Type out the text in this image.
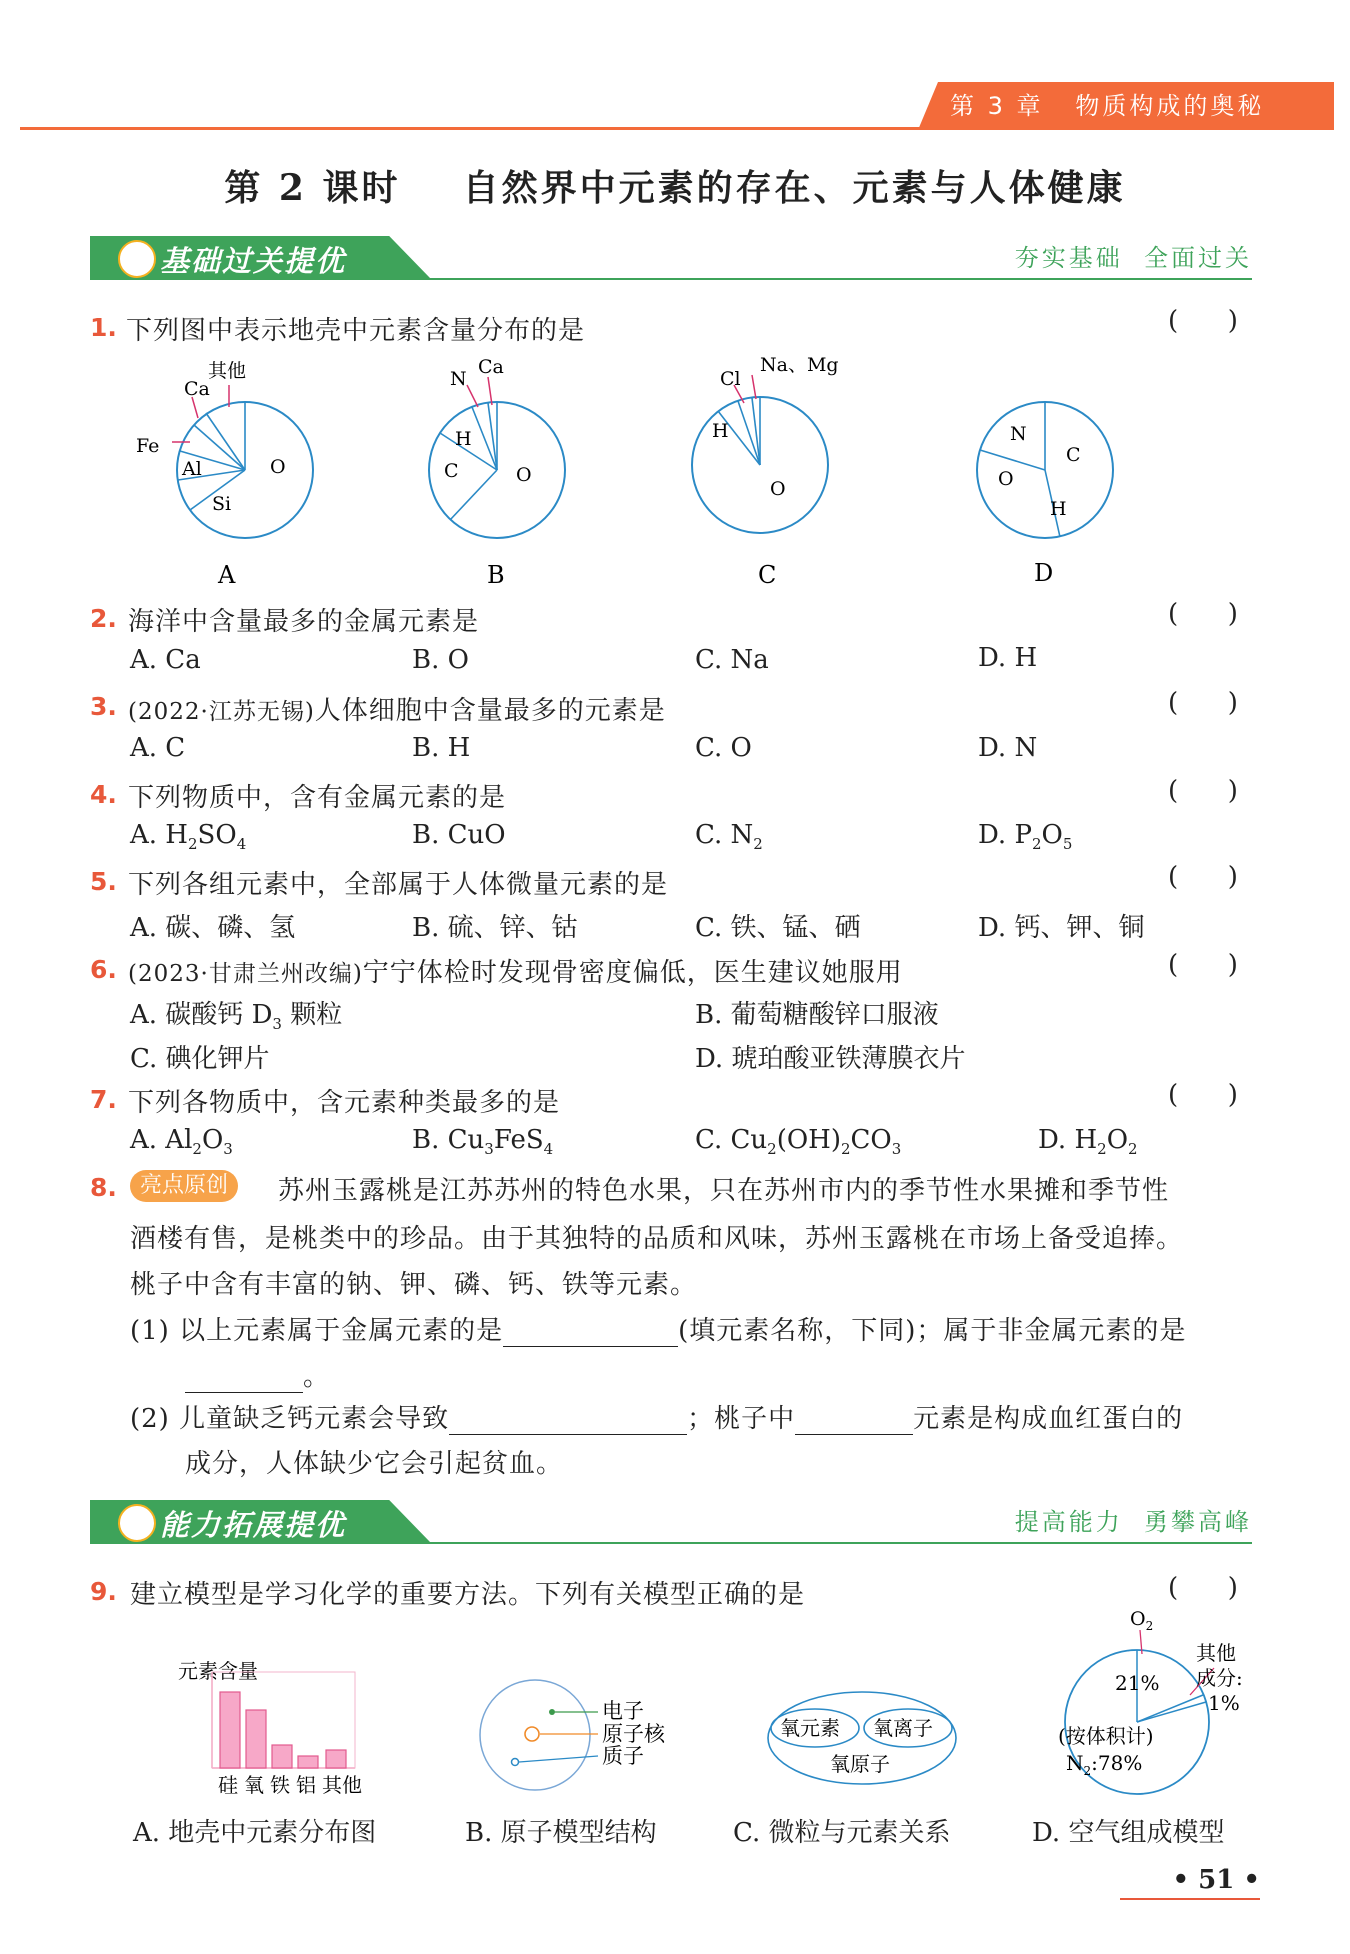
第 3 章   物质构成的奥秘
第 2 课时    自然界中元素的存在、元素与人体健康
基础过关提优	夯实基础  全面过关
1. 下列图中表示地壳中元素含量分布的是	(      )
Ca
其他
Fe
Al	O
Si
A
N
Ca
H
C	O
B
Cl
Na、Mg
H
O
C
N
C
O
H
D
2. 海洋中含量最多的金属元素是	(      )
A. Ca	B. O	C. Na	D. H
3. (2022·江苏无锡)人体细胞中含量最多的元素是	(      )
A. C	B. H	C. O	D. N
4. 下列物质中，含有金属元素的是	(      )
A. $H_2SO_4$	B. CuO	C. $N_2$	D. $P_2O_5$
5. 下列各组元素中，全部属于人体微量元素的是	(      )
A. 碳、磷、氢	B. 硫、锌、钴	C. 铁、锰、硒	D. 钙、钾、铜
6. (2023·甘肃兰州改编)宁宁体检时发现骨密度偏低，医生建议她服用	(      )
A. 碳酸钙 $D_3$ 颗粒	B. 葡萄糖酸锌口服液
C. 碘化钾片	D. 琥珀酸亚铁薄膜衣片
7. 下列各物质中，含元素种类最多的是	(      )
A. $Al_2O_3$	B. $Cu_3FeS_4$	C. $Cu_2(OH)_2CO_3$	D. $H_2O_2$
8.	亮点原创	苏州玉露桃是江苏苏州的特色水果，只在苏州市内的季节性水果摊和季节性
酒楼有售，是桃类中的珍品。由于其独特的品质和风味，苏州玉露桃在市场上备受追捧。
桃子中含有丰富的钠、钾、磷、钙、铁等元素。
(1) 以上元素属于金属元素的是	(填元素名称，下同)；属于非金属元素的是
。
(2) 儿童缺乏钙元素会导致	；桃子中	元素是构成血红蛋白的
成分，人体缺少它会引起贫血。
能力拓展提优	提高能力  勇攀高峰
9. 建立模型是学习化学的重要方法。下列有关模型正确的是	(      )
元素含量
硅 氧 铁 铝 其他
电子
原子核
质子
氧元素 氧离子
氧原子
$O_2$
21%
其他
成分:
1%
(按体积计)
$N_2:78\%$
A. 地壳中元素分布图	B. 原子模型结构	C. 微粒与元素关系	D. 空气组成模型
• 51 •
